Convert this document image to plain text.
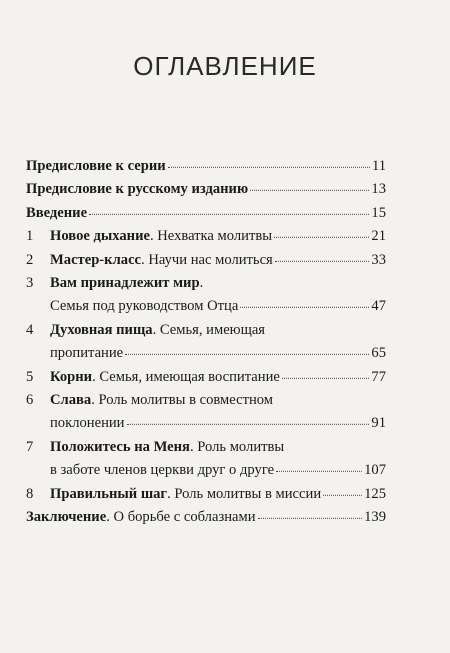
ОГЛАВЛЕНИЕ
Предисловие к серии	11
Предисловие к русскому изданию	13
Введение	15
1 Новое дыхание. Нехватка молитвы	21
2 Мастер-класс. Научи нас молиться	33
3 Вам принадлежит мир.
Семья под руководством Отца	47
4 Духовная пища. Семья, имеющая
пропитание	65
5 Корни. Семья, имеющая воспитание	77
6 Слава. Роль молитвы в совместном
поклонении	91
7 Положитесь на Меня. Роль молитвы
в заботе членов церкви друг о друге	107
8 Правильный шаг. Роль молитвы в миссии	125
Заключение. О борьбе с соблазнами	139
